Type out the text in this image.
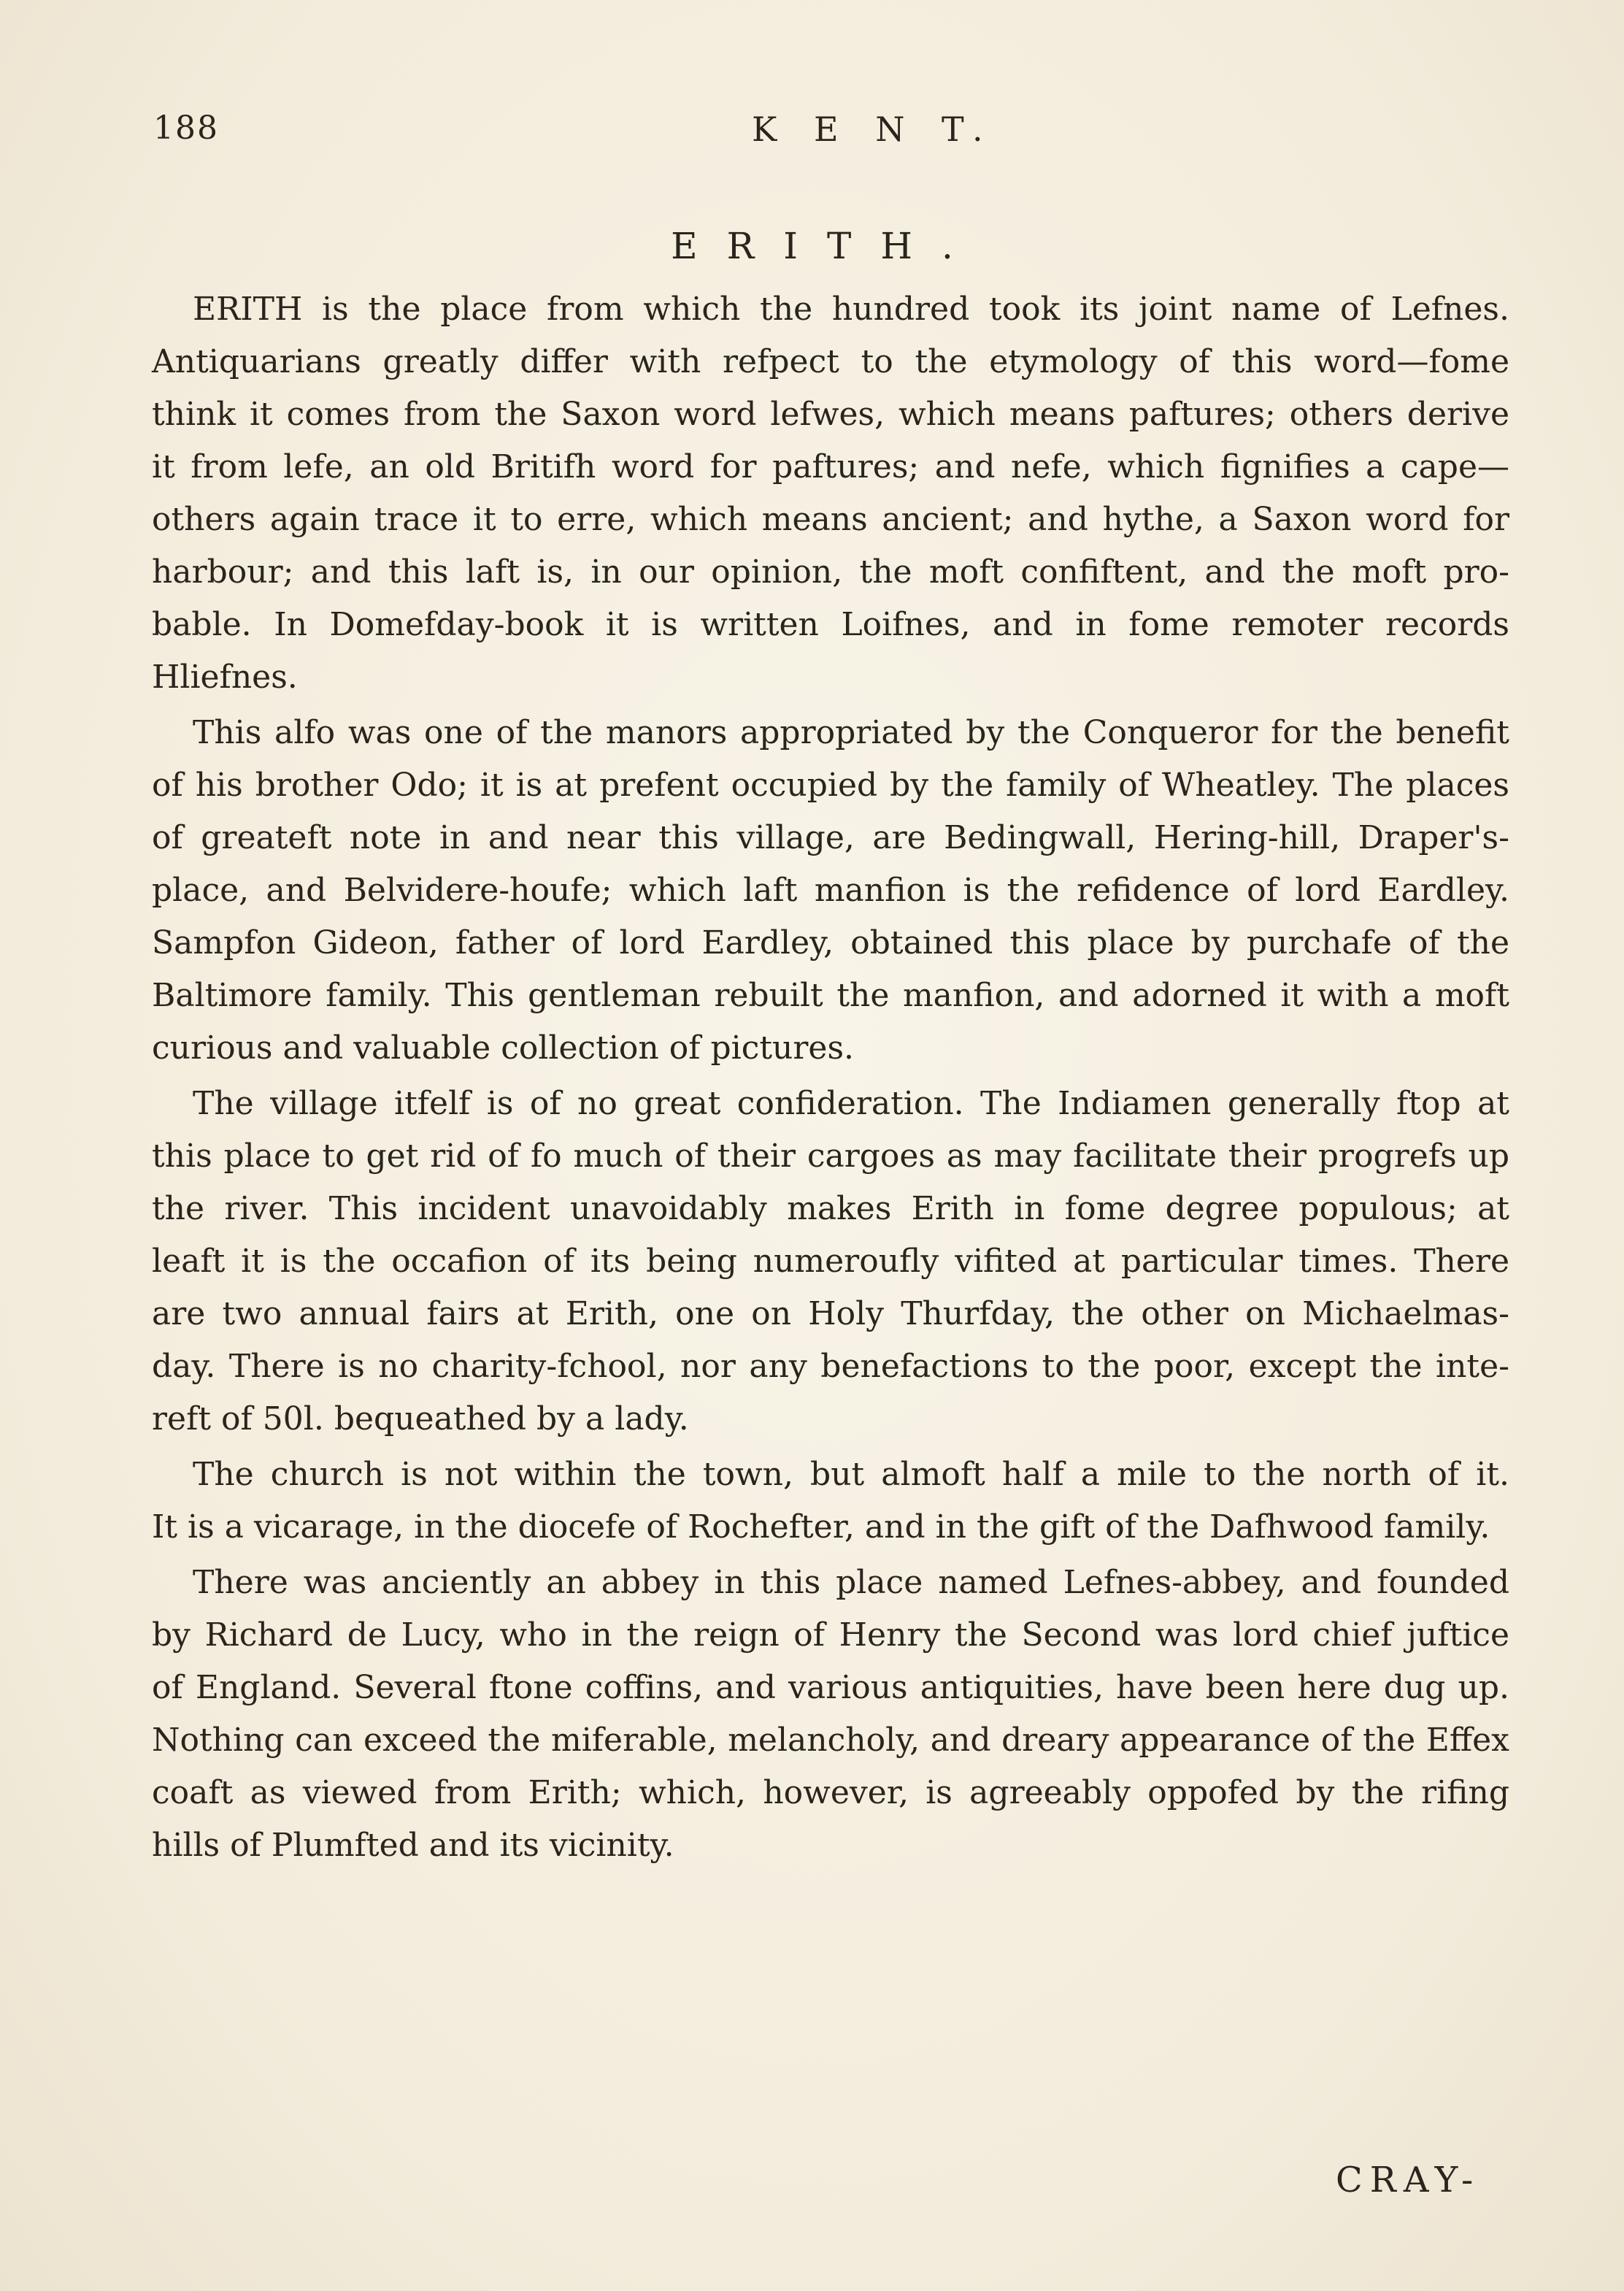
188	K E N T.
ERITH.

ERITH is the place from which the hundred took its joint name of Lefnes.
Antiquarians greatly differ with refpect to the etymology of this word—fome
think it comes from the Saxon word lefwes, which means paftures; others derive
it from lefe, an old Britifh word for paftures; and nefe, which fignifies a cape—
others again trace it to erre, which means ancient; and hythe, a Saxon word for
harbour; and this laft is, in our opinion, the moft confiftent, and the moft pro-
bable. In Domefday-book it is written Loifnes, and in fome remoter records
Hliefnes.

This alfo was one of the manors appropriated by the Conqueror for the benefit
of his brother Odo; it is at prefent occupied by the family of Wheatley. The places
of greateft note in and near this village, are Bedingwall, Hering-hill, Draper's-
place, and Belvidere-houfe; which laft manfion is the refidence of lord Eardley.
Sampfon Gideon, father of lord Eardley, obtained this place by purchafe of the
Baltimore family. This gentleman rebuilt the manfion, and adorned it with a moft
curious and valuable collection of pictures.

The village itfelf is of no great confideration. The Indiamen generally ftop at
this place to get rid of fo much of their cargoes as may facilitate their progrefs up
the river. This incident unavoidably makes Erith in fome degree populous; at
leaft it is the occafion of its being numeroufly vifited at particular times. There
are two annual fairs at Erith, one on Holy Thurfday, the other on Michaelmas-
day. There is no charity-fchool, nor any benefactions to the poor, except the inte-
reft of 50l. bequeathed by a lady.

The church is not within the town, but almoft half a mile to the north of it.
It is a vicarage, in the diocefe of Rochefter, and in the gift of the Dafhwood family.

There was anciently an abbey in this place named Lefnes-abbey, and founded
by Richard de Lucy, who in the reign of Henry the Second was lord chief juftice
of England. Several ftone coffins, and various antiquities, have been here dug up.
Nothing can exceed the miferable, melancholy, and dreary appearance of the Effex
coaft as viewed from Erith; which, however, is agreeably oppofed by the rifing
hills of Plumfted and its vicinity.

CRAY-
